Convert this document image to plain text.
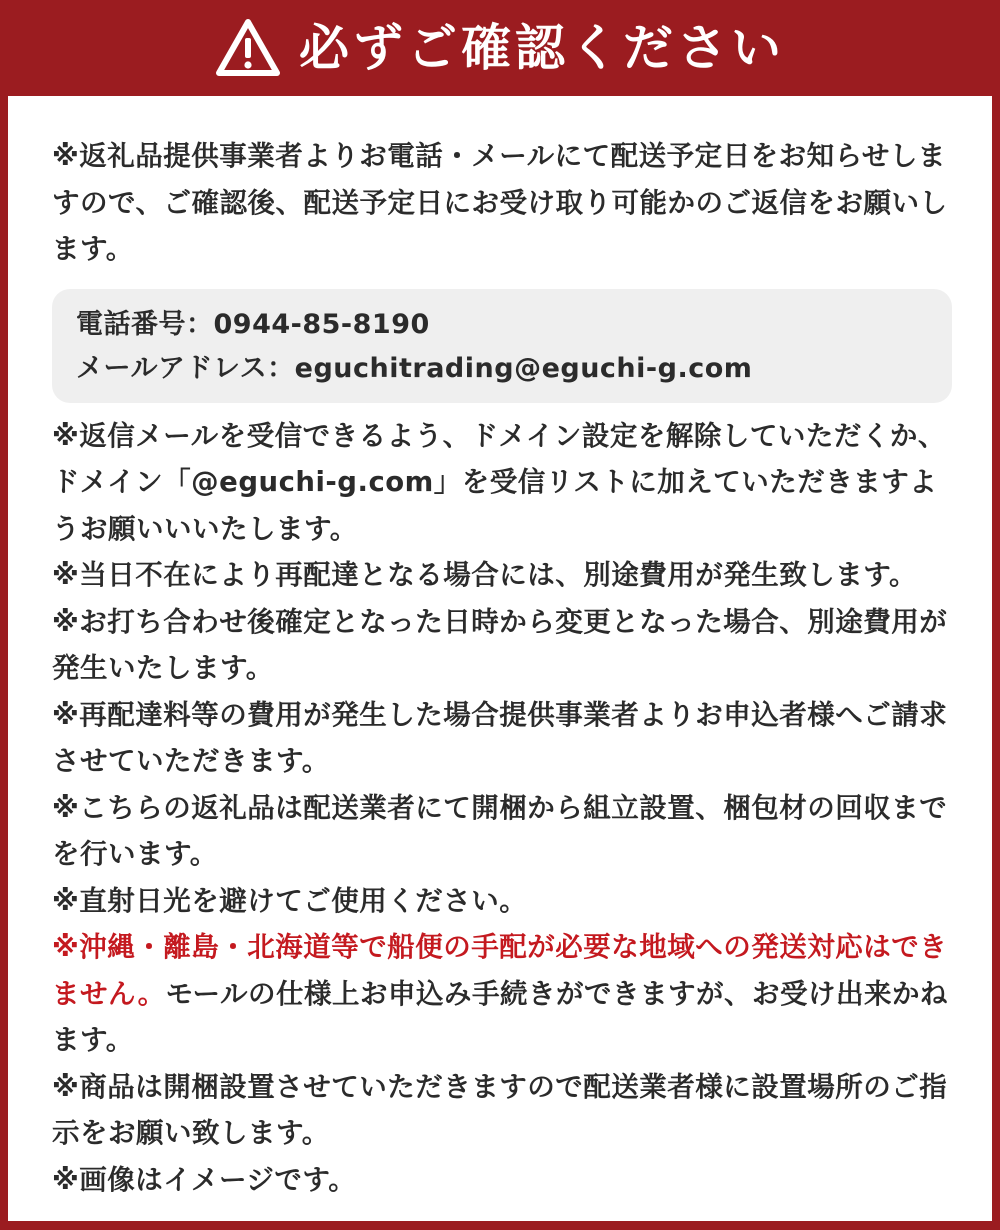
必ずご確認ください

※返礼品提供事業者よりお電話・メールにて配送予定日をお知らせしますので、ご確認後、配送予定日にお受け取り可能かのご返信をお願いします。

電話番号：0944-85-8190
メールアドレス：eguchitrading@eguchi-g.com

※返信メールを受信できるよう、ドメイン設定を解除していただくか、ドメイン「@eguchi-g.com」を受信リストに加えていただきますようお願いいいたします。

※当日不在により再配達となる場合には、別途費用が発生致します。

※お打ち合わせ後確定となった日時から変更となった場合、別途費用が発生いたします。

※再配達料等の費用が発生した場合提供事業者よりお申込者様へご請求させていただきます。

※こちらの返礼品は配送業者にて開梱から組立設置、梱包材の回収までを行います。

※直射日光を避けてご使用ください。

※沖縄・離島・北海道等で船便の手配が必要な地域への発送対応はできません。モールの仕様上お申込み手続きができますが、お受け出来かねます。

※商品は開梱設置させていただきますので配送業者様に設置場所のご指示をお願い致します。

※画像はイメージです。
